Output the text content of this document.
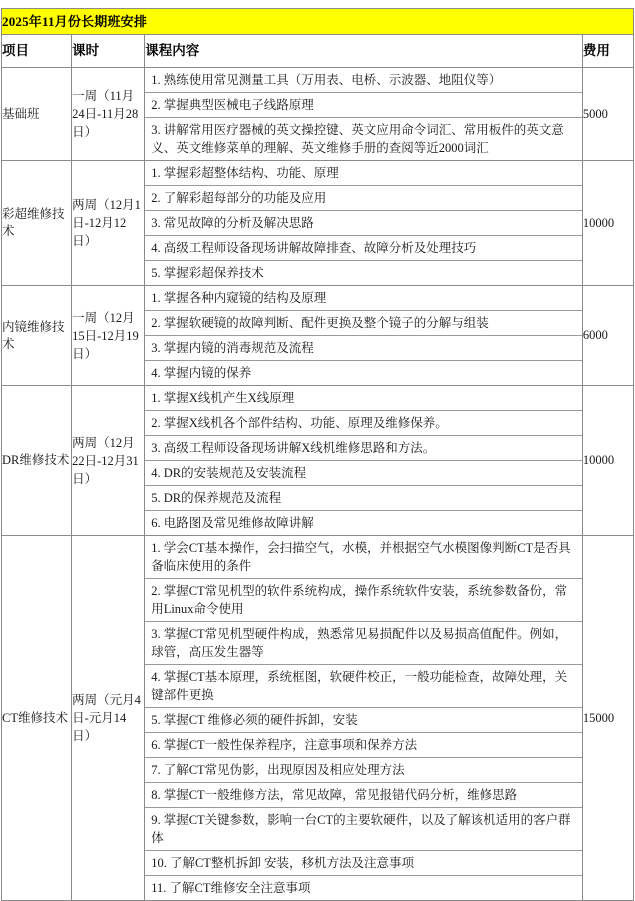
2025年11月份长期班安排
项目	课时	课程内容	费用
基础班	一周（11月24日-11月28日）	
1. 熟练使用常见测量工具（万用表、电桥、示波器、地阻仪等）
2. 掌握典型医械电子线路原理
3. 讲解常用医疗器械的英文操控键、英文应用命令词汇、常用板件的英文意义、英文维修菜单的理解、英文维修手册的查阅等近2000词汇
	5000
彩超维修技术	两周（12月1日-12月12日）	
1. 掌握彩超整体结构、功能、原理
2. 了解彩超每部分的功能及应用
3. 常见故障的分析及解决思路
4. 高级工程师设备现场讲解故障排查、故障分析及处理技巧
5. 掌握彩超保养技术
	10000
内镜维修技术	一周（12月15日-12月19日）	
1. 掌握各种内窥镜的结构及原理
2. 掌握软硬镜的故障判断、配件更换及整个镜子的分解与组装
3. 掌握内镜的消毒规范及流程
4. 掌握内镜的保养
	6000
DR维修技术	两周（12月22日-12月31日）	
1. 掌握X线机产生X线原理
2. 掌握X线机各个部件结构、功能、原理及维修保养。
3. 高级工程师设备现场讲解X线机维修思路和方法。
4. DR的安装规范及安装流程
5. DR的保养规范及流程
6. 电路图及常见维修故障讲解
	10000
CT维修技术	两周（元月4日-元月14日）	
1. 学会CT基本操作，会扫描空气，水模，并根据空气水模图像判断CT是否具备临床使用的条件
2. 掌握CT常见机型的软件系统构成，操作系统软件安装，系统参数备份，常用Linux命令使用
3. 掌握CT常见机型硬件构成，熟悉常见易损配件以及易损高值配件。例如，球管，高压发生器等
4. 掌握CT基本原理，系统框图，软硬件校正，一般功能检查，故障处理，关键部件更换
5. 掌握CT 维修必须的硬件拆卸，安装
6. 掌握CT一般性保养程序，注意事项和保养方法
7. 了解CT常见伪影，出现原因及相应处理方法
8. 掌握CT一般维修方法，常见故障，常见报错代码分析，维修思路
9. 掌握CT关键参数，影响一台CT的主要软硬件，以及了解该机适用的客户群体
10. 了解CT整机拆卸 安装，移机方法及注意事项
11. 了解CT维修安全注意事项
	15000
